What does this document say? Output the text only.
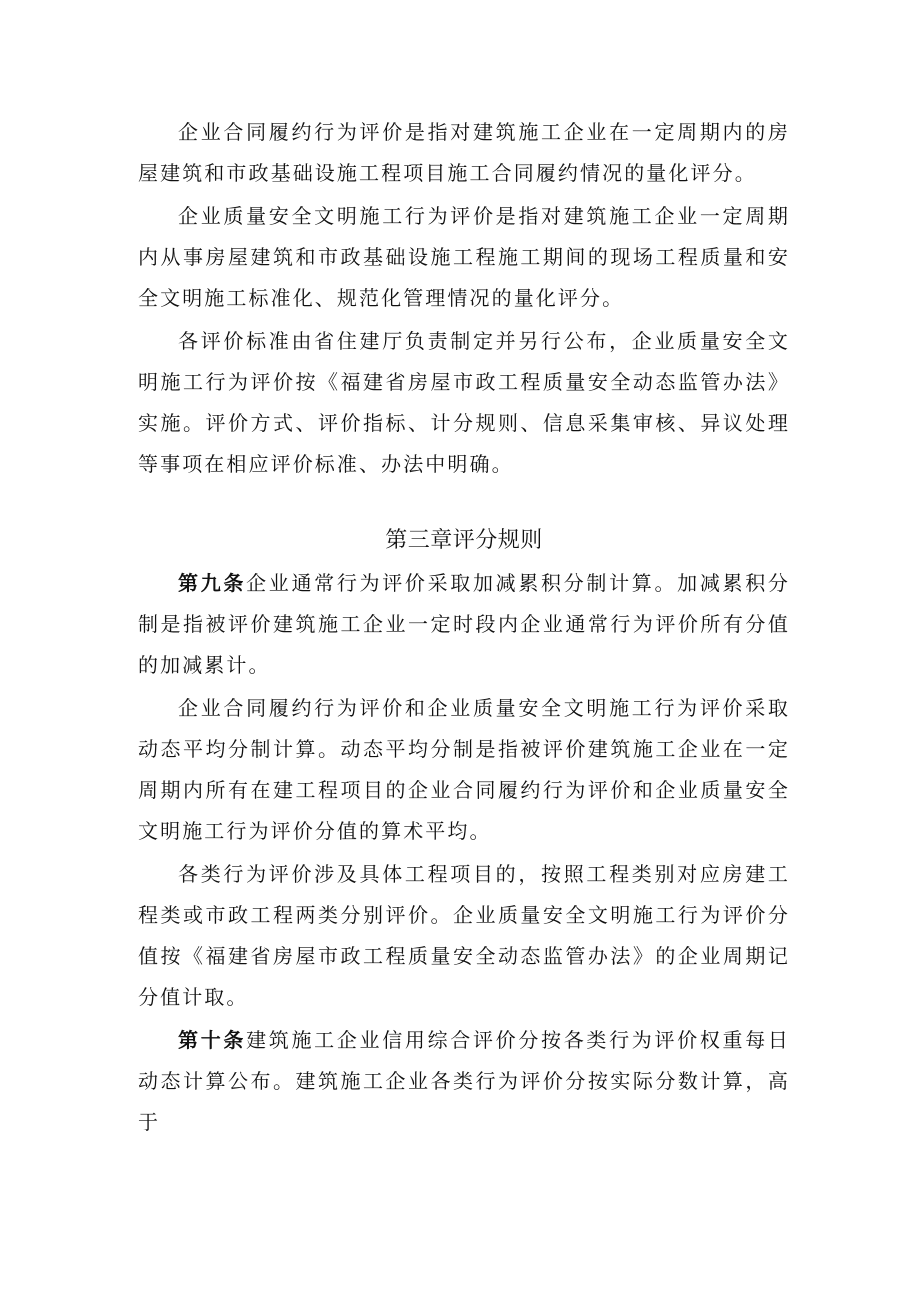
企业合同履约行为评价是指对建筑施工企业在一定周期内的房屋建筑和市政基础设施工程项目施工合同履约情况的量化评分。

企业质量安全文明施工行为评价是指对建筑施工企业一定周期内从事房屋建筑和市政基础设施工程施工期间的现场工程质量和安全文明施工标准化、规范化管理情况的量化评分。

各评价标准由省住建厅负责制定并另行公布，企业质量安全文明施工行为评价按《福建省房屋市政工程质量安全动态监管办法》实施。评价方式、评价指标、计分规则、信息采集审核、异议处理等事项在相应评价标准、办法中明确。

第三章评分规则

第九条企业通常行为评价采取加减累积分制计算。加减累积分制是指被评价建筑施工企业一定时段内企业通常行为评价所有分值的加减累计。

企业合同履约行为评价和企业质量安全文明施工行为评价采取动态平均分制计算。动态平均分制是指被评价建筑施工企业在一定周期内所有在建工程项目的企业合同履约行为评价和企业质量安全文明施工行为评价分值的算术平均。

各类行为评价涉及具体工程项目的，按照工程类别对应房建工程类或市政工程两类分别评价。企业质量安全文明施工行为评价分值按《福建省房屋市政工程质量安全动态监管办法》的企业周期记分值计取。

第十条建筑施工企业信用综合评价分按各类行为评价权重每日动态计算公布。建筑施工企业各类行为评价分按实际分数计算，高于
